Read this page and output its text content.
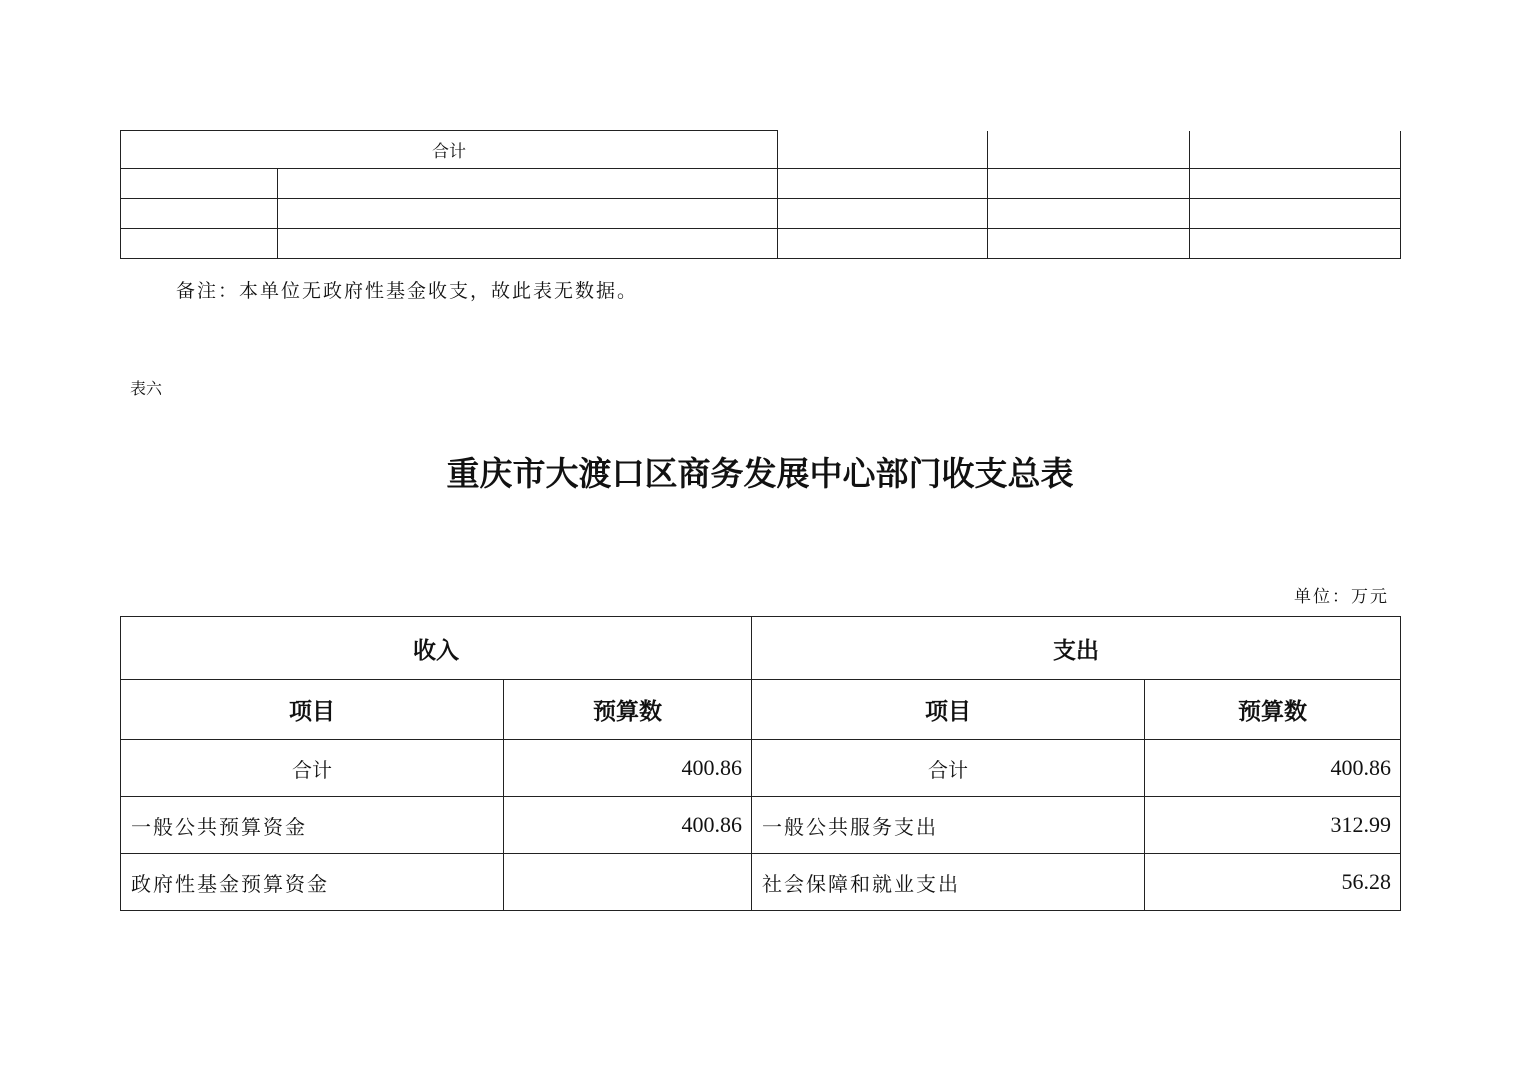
合计				

备注：本单位无政府性基金收支，故此表无数据。
表六
重庆市大渡口区商务发展中心部门收支总表
单位：万元
收入		支出	
项目	预算数	项目	预算数
合计	400.86	合计	400.86
一般公共预算资金	400.86	一般公共服务支出	312.99
政府性基金预算资金		社会保障和就业支出	56.28
